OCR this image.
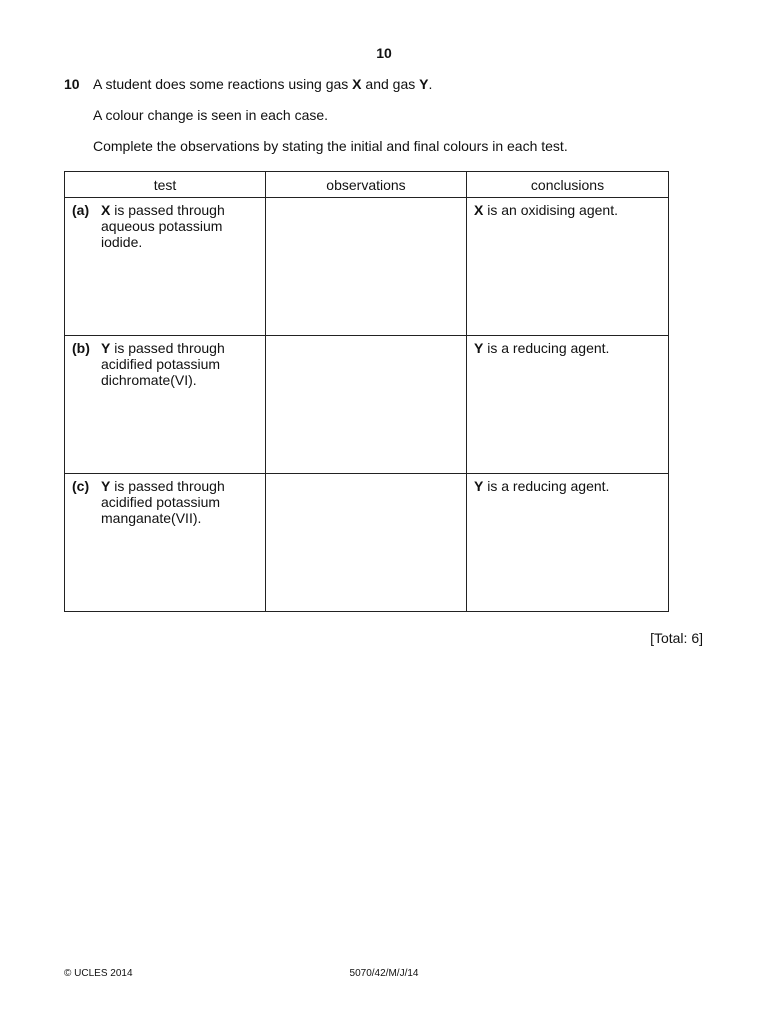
10
10 A student does some reactions using gas X and gas Y.
A colour change is seen in each case.
Complete the observations by stating the initial and final colours in each test.
test	observations	conclusions

(a) X is passed through
aqueous potassium
iodide.		X is an oxidising agent.

(b) Y is passed through
acidified potassium
dichromate(VI).		Y is a reducing agent.

(c) Y is passed through
acidified potassium
manganate(VII).		Y is a reducing agent.
[Total: 6]
© UCLES 2014	5070/42/M/J/14
